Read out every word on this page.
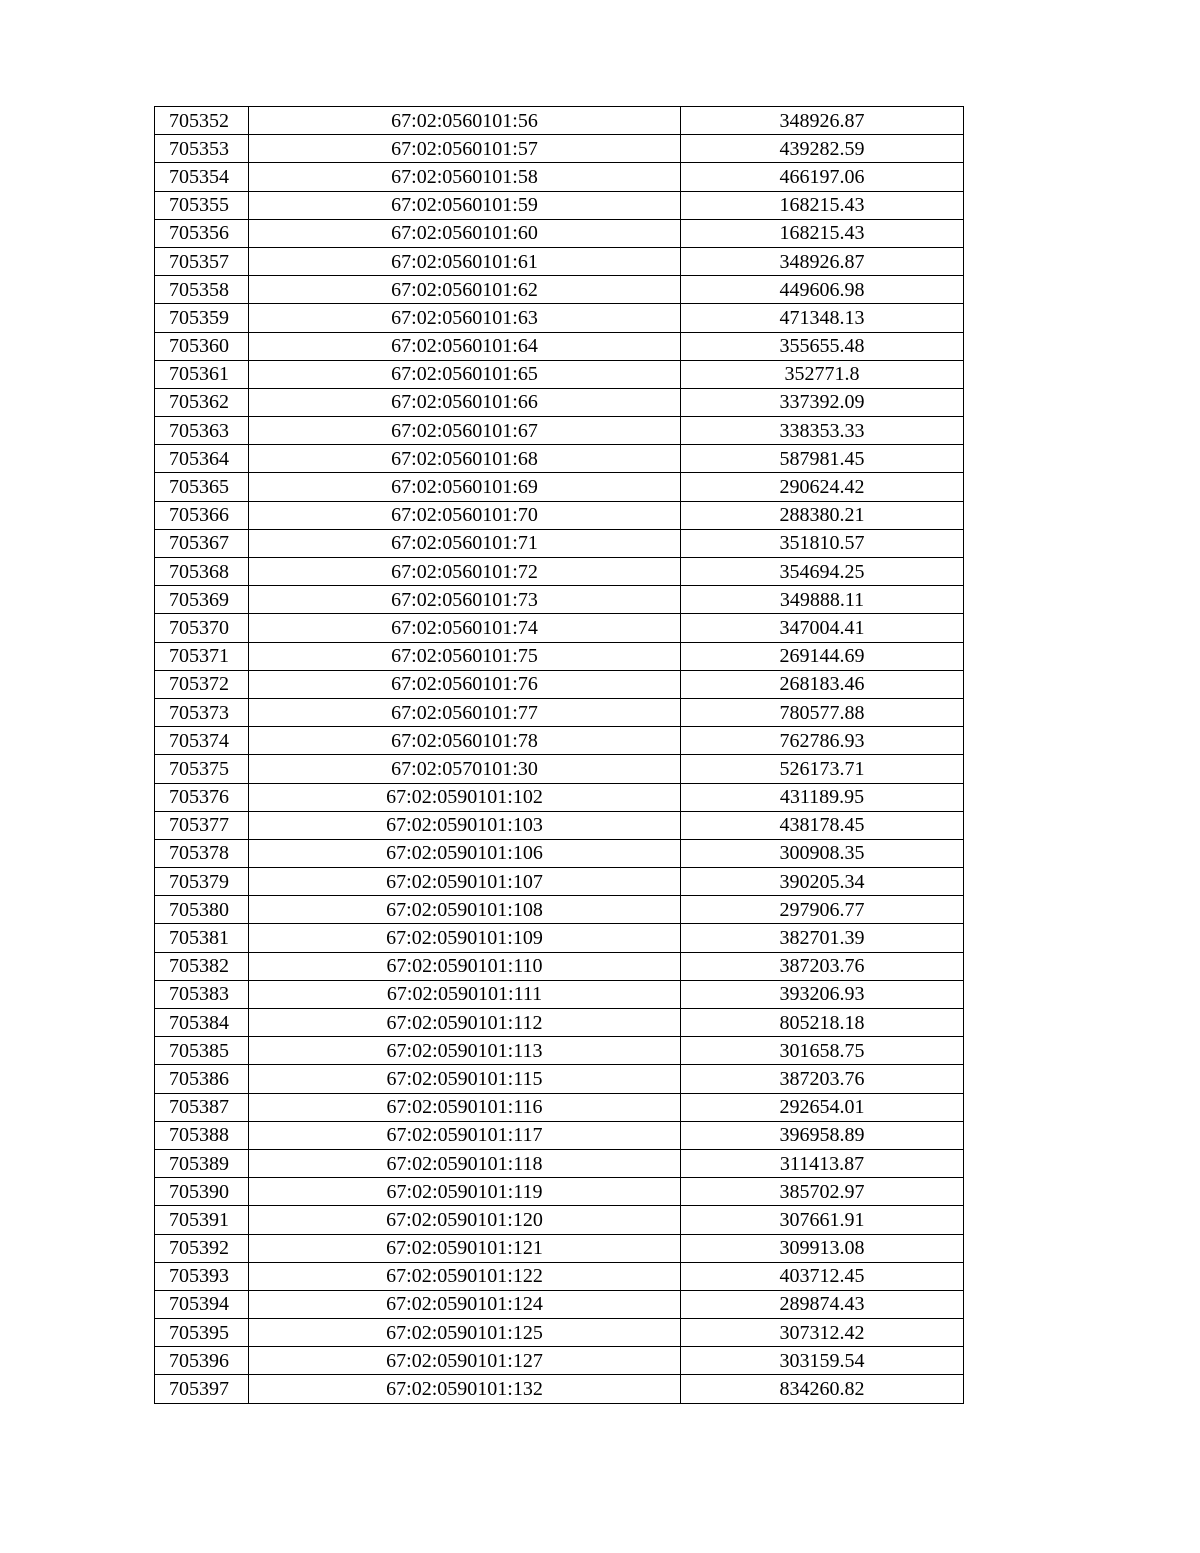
705352	67:02:0560101:56	348926.87
705353	67:02:0560101:57	439282.59
705354	67:02:0560101:58	466197.06
705355	67:02:0560101:59	168215.43
705356	67:02:0560101:60	168215.43
705357	67:02:0560101:61	348926.87
705358	67:02:0560101:62	449606.98
705359	67:02:0560101:63	471348.13
705360	67:02:0560101:64	355655.48
705361	67:02:0560101:65	352771.8
705362	67:02:0560101:66	337392.09
705363	67:02:0560101:67	338353.33
705364	67:02:0560101:68	587981.45
705365	67:02:0560101:69	290624.42
705366	67:02:0560101:70	288380.21
705367	67:02:0560101:71	351810.57
705368	67:02:0560101:72	354694.25
705369	67:02:0560101:73	349888.11
705370	67:02:0560101:74	347004.41
705371	67:02:0560101:75	269144.69
705372	67:02:0560101:76	268183.46
705373	67:02:0560101:77	780577.88
705374	67:02:0560101:78	762786.93
705375	67:02:0570101:30	526173.71
705376	67:02:0590101:102	431189.95
705377	67:02:0590101:103	438178.45
705378	67:02:0590101:106	300908.35
705379	67:02:0590101:107	390205.34
705380	67:02:0590101:108	297906.77
705381	67:02:0590101:109	382701.39
705382	67:02:0590101:110	387203.76
705383	67:02:0590101:111	393206.93
705384	67:02:0590101:112	805218.18
705385	67:02:0590101:113	301658.75
705386	67:02:0590101:115	387203.76
705387	67:02:0590101:116	292654.01
705388	67:02:0590101:117	396958.89
705389	67:02:0590101:118	311413.87
705390	67:02:0590101:119	385702.97
705391	67:02:0590101:120	307661.91
705392	67:02:0590101:121	309913.08
705393	67:02:0590101:122	403712.45
705394	67:02:0590101:124	289874.43
705395	67:02:0590101:125	307312.42
705396	67:02:0590101:127	303159.54
705397	67:02:0590101:132	834260.82
